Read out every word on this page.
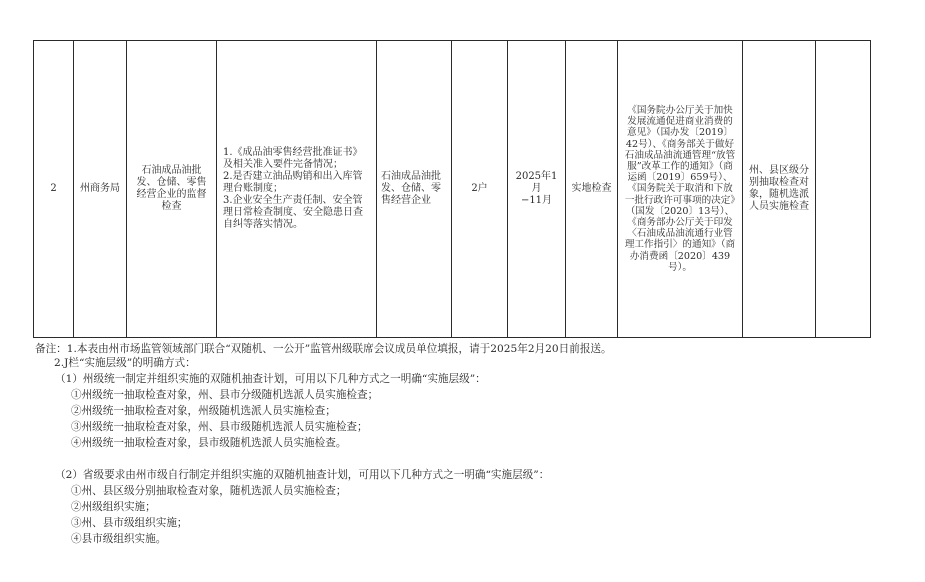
2	州商务局

石油成品油批发、仓储、零售经营企业的监督检查

1.《成品油零售经营批准证书》及相关准入要件完备情况；
2.是否建立油品购销和出入库管理台账制度；
3.企业安全生产责任制、安全管理日常检查制度、安全隐患日查自纠等落实情况。

石油成品油批发、仓储、零售经营企业

2户

2025年1月
−11月

实地检查

《国务院办公厅关于加快发展流通促进商业消费的意见》（国办发〔2019〕42号）、《商务部关于做好石油成品油流通管理“放管服”改革工作的通知》（商运函〔2019〕659号）、《国务院关于取消和下放一批行政许可事项的决定》（国发〔2020〕13号）、《商务部办公厅关于印发〈石油成品油流通行业管理工作指引〉的通知》（商办消费函〔2020〕439号）。

州、县区级分别抽取检查对象，随机选派人员实施检查

备注：1.本表由州市场监管领域部门联合“双随机、一公开”监管州级联席会议成员单位填报，请于2025年2月20日前报送。
2.J栏“实施层级”的明确方式：
（1）州级统一制定并组织实施的双随机抽查计划，可用以下几种方式之一明确“实施层级”：
①州级统一抽取检查对象，州、县市分级随机选派人员实施检查；
②州级统一抽取检查对象，州级随机选派人员实施检查；
③州级统一抽取检查对象，州、县市级随机选派人员实施检查；
④州级统一抽取检查对象，县市级随机选派人员实施检查。
（2）省级要求由州市级自行制定并组织实施的双随机抽查计划，可用以下几种方式之一明确“实施层级”：
①州、县区级分别抽取检查对象，随机选派人员实施检查；
②州级组织实施；
③州、县市级组织实施；
④县市级组织实施。
